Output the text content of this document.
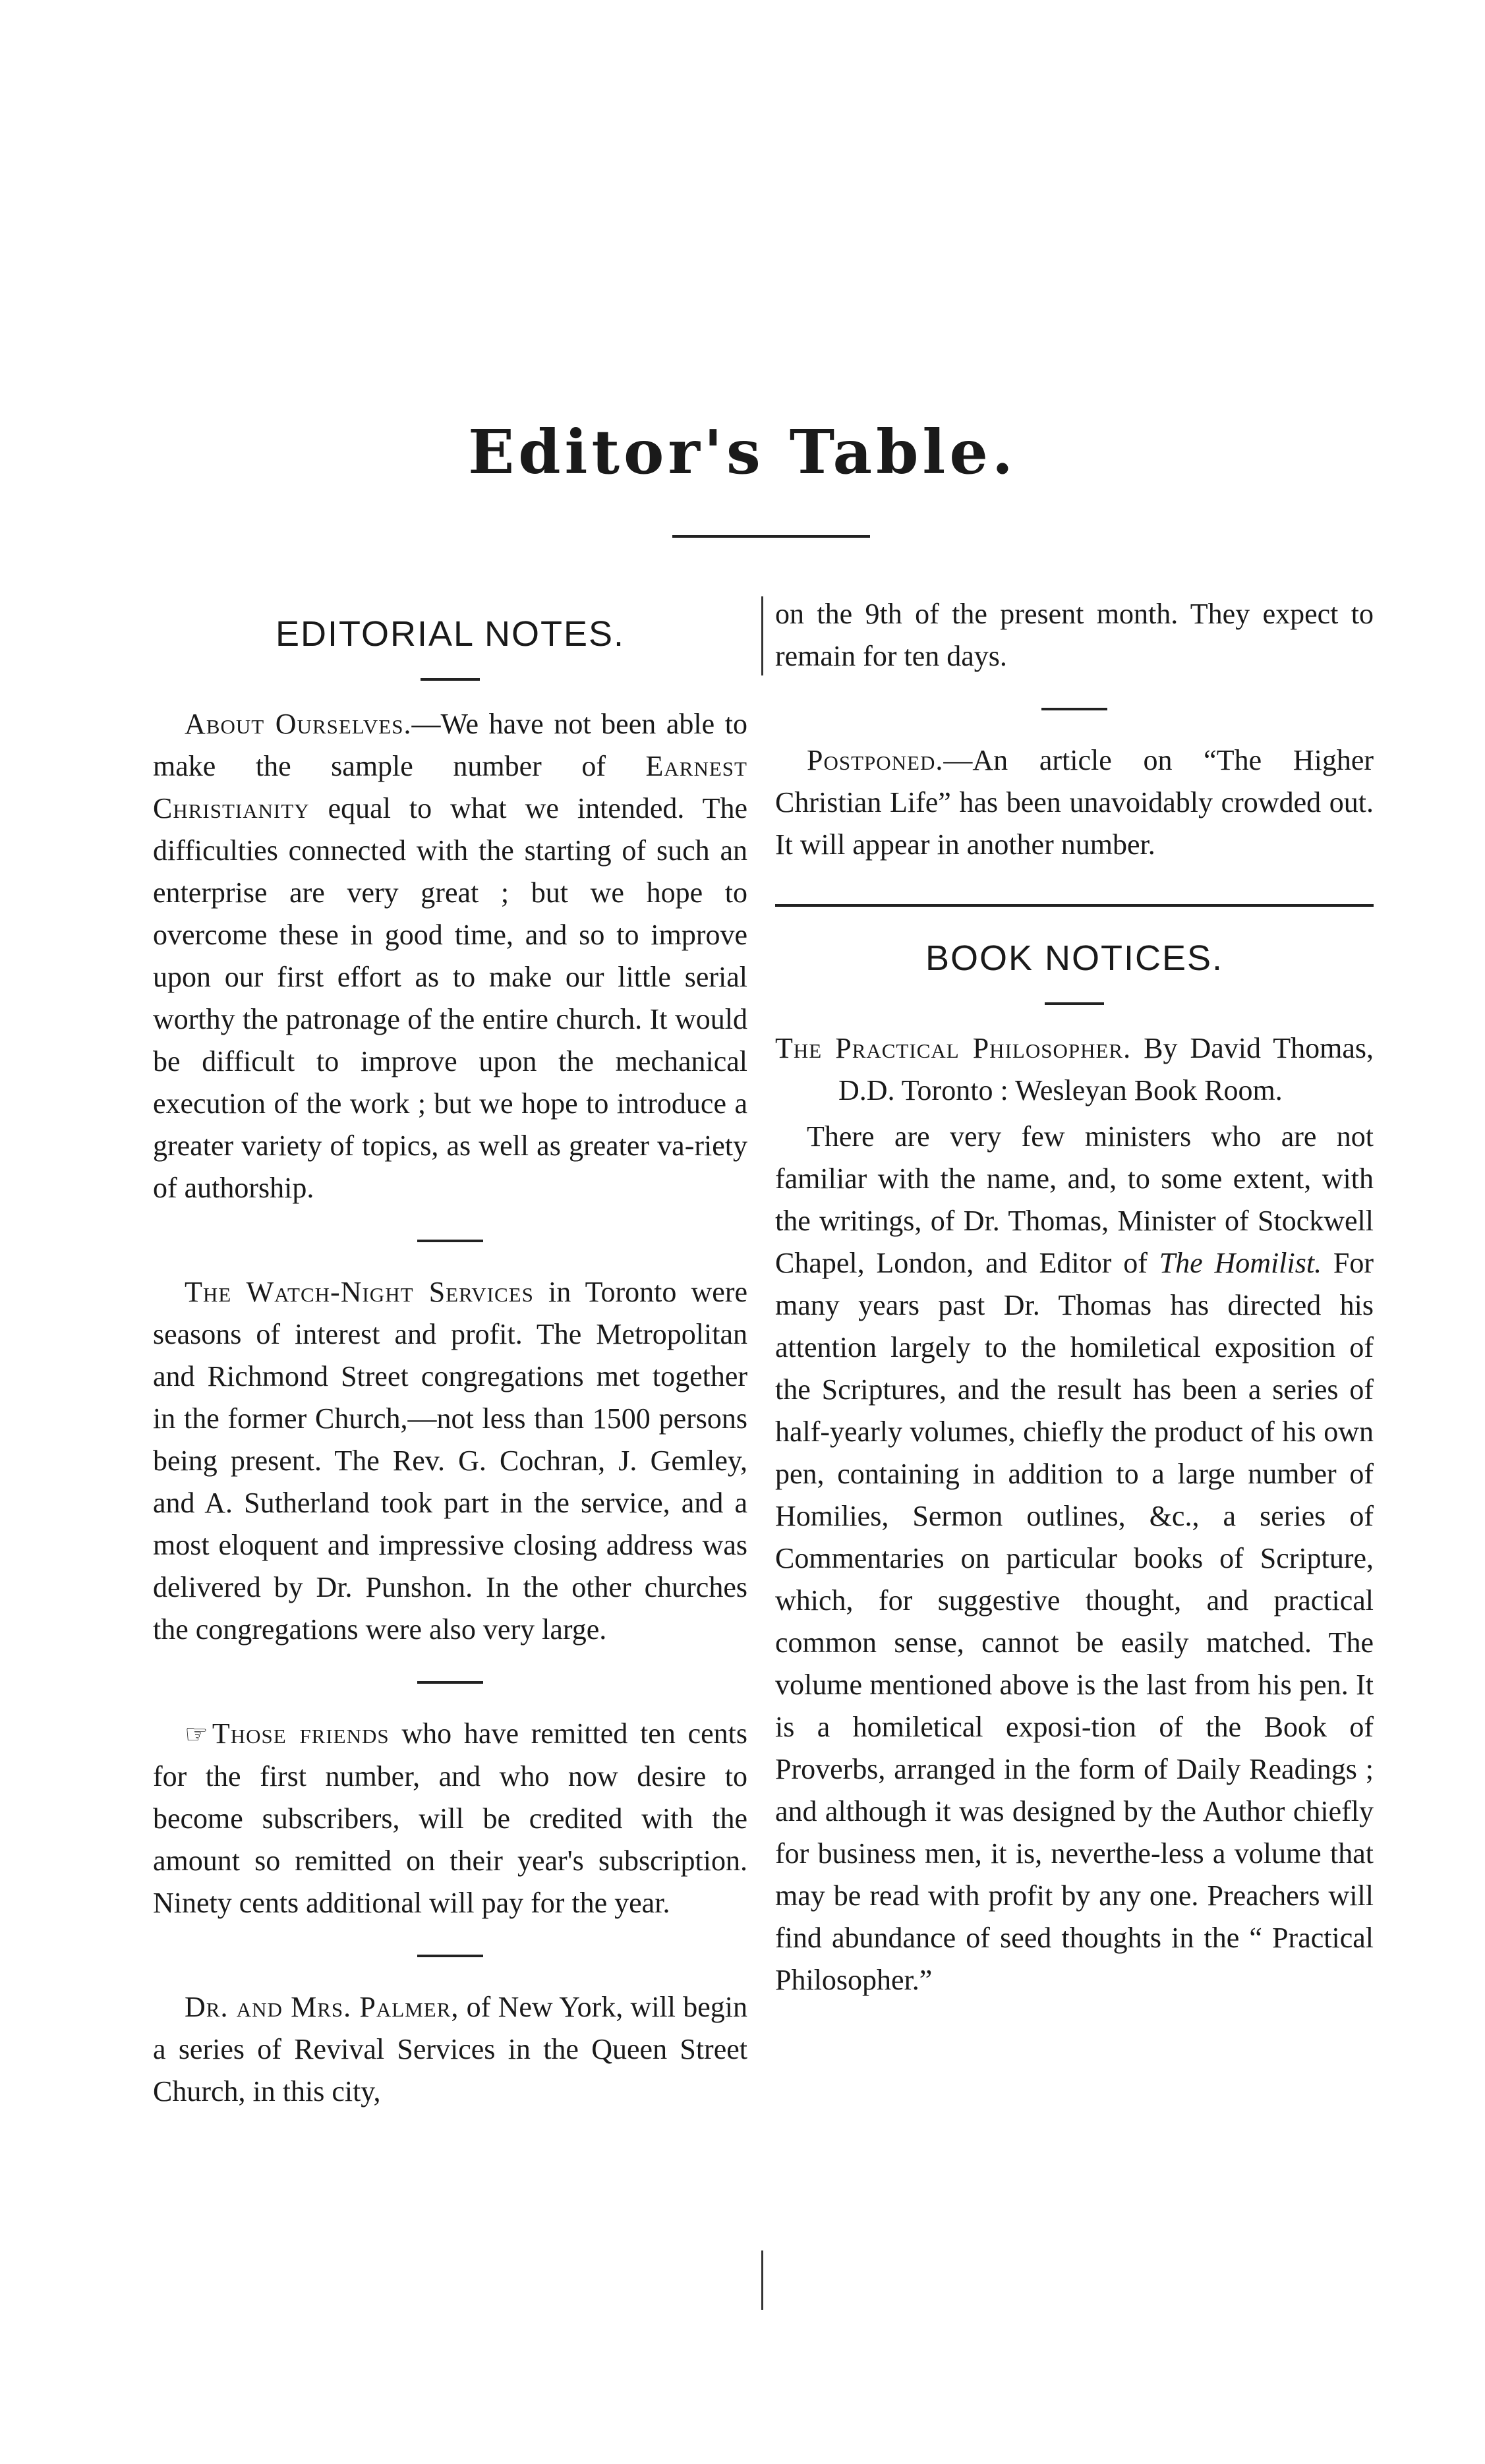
Editor's Table.
EDITORIAL NOTES.

About Ourselves.—We have not been able to make the sample number of Earnest Christianity equal to what we intended. The difficulties connected with the starting of such an enterprise are very great ; but we hope to overcome these in good time, and so to improve upon our first effort as to make our little serial worthy the patronage of the entire church. It would be difficult to improve upon the mechanical execution of the work ; but we hope to introduce a greater variety of topics, as well as greater va-riety of authorship.

The Watch-Night Services in Toronto were seasons of interest and profit. The Metropolitan and Richmond Street congregations met together in the former Church,—not less than 1500 persons being present. The Rev. G. Cochran, J. Gemley, and A. Sutherland took part in the service, and a most eloquent and impressive closing address was delivered by Dr. Punshon. In the other churches the congregations were also very large.

☞ Those friends who have remitted ten cents for the first number, and who now desire to become subscribers, will be credited with the amount so remitted on their year's subscription. Ninety cents additional will pay for the year.

Dr. and Mrs. Palmer, of New York, will begin a series of Revival Services in the Queen Street Church, in this city,

on the 9th of the present month. They expect to remain for ten days.

Postponed.—An article on “The Higher Christian Life” has been unavoidably crowded out. It will appear in another number.

BOOK NOTICES.

The Practical Philosopher. By David Thomas, D.D. Toronto : Wesleyan Book Room.

There are very few ministers who are not familiar with the name, and, to some extent, with the writings, of Dr. Thomas, Minister of Stockwell Chapel, London, and Editor of The Homilist. For many years past Dr. Thomas has directed his attention largely to the homiletical exposition of the Scriptures, and the result has been a series of half-yearly volumes, chiefly the product of his own pen, containing in addition to a large number of Homilies, Sermon outlines, &c., a series of Commentaries on particular books of Scripture, which, for suggestive thought, and practical common sense, cannot be easily matched. The volume mentioned above is the last from his pen. It is a homiletical exposi-tion of the Book of Proverbs, arranged in the form of Daily Readings ; and although it was designed by the Author chiefly for business men, it is, neverthe-less a volume that may be read with profit by any one. Preachers will find abundance of seed thoughts in the “ Practical Philosopher.”
